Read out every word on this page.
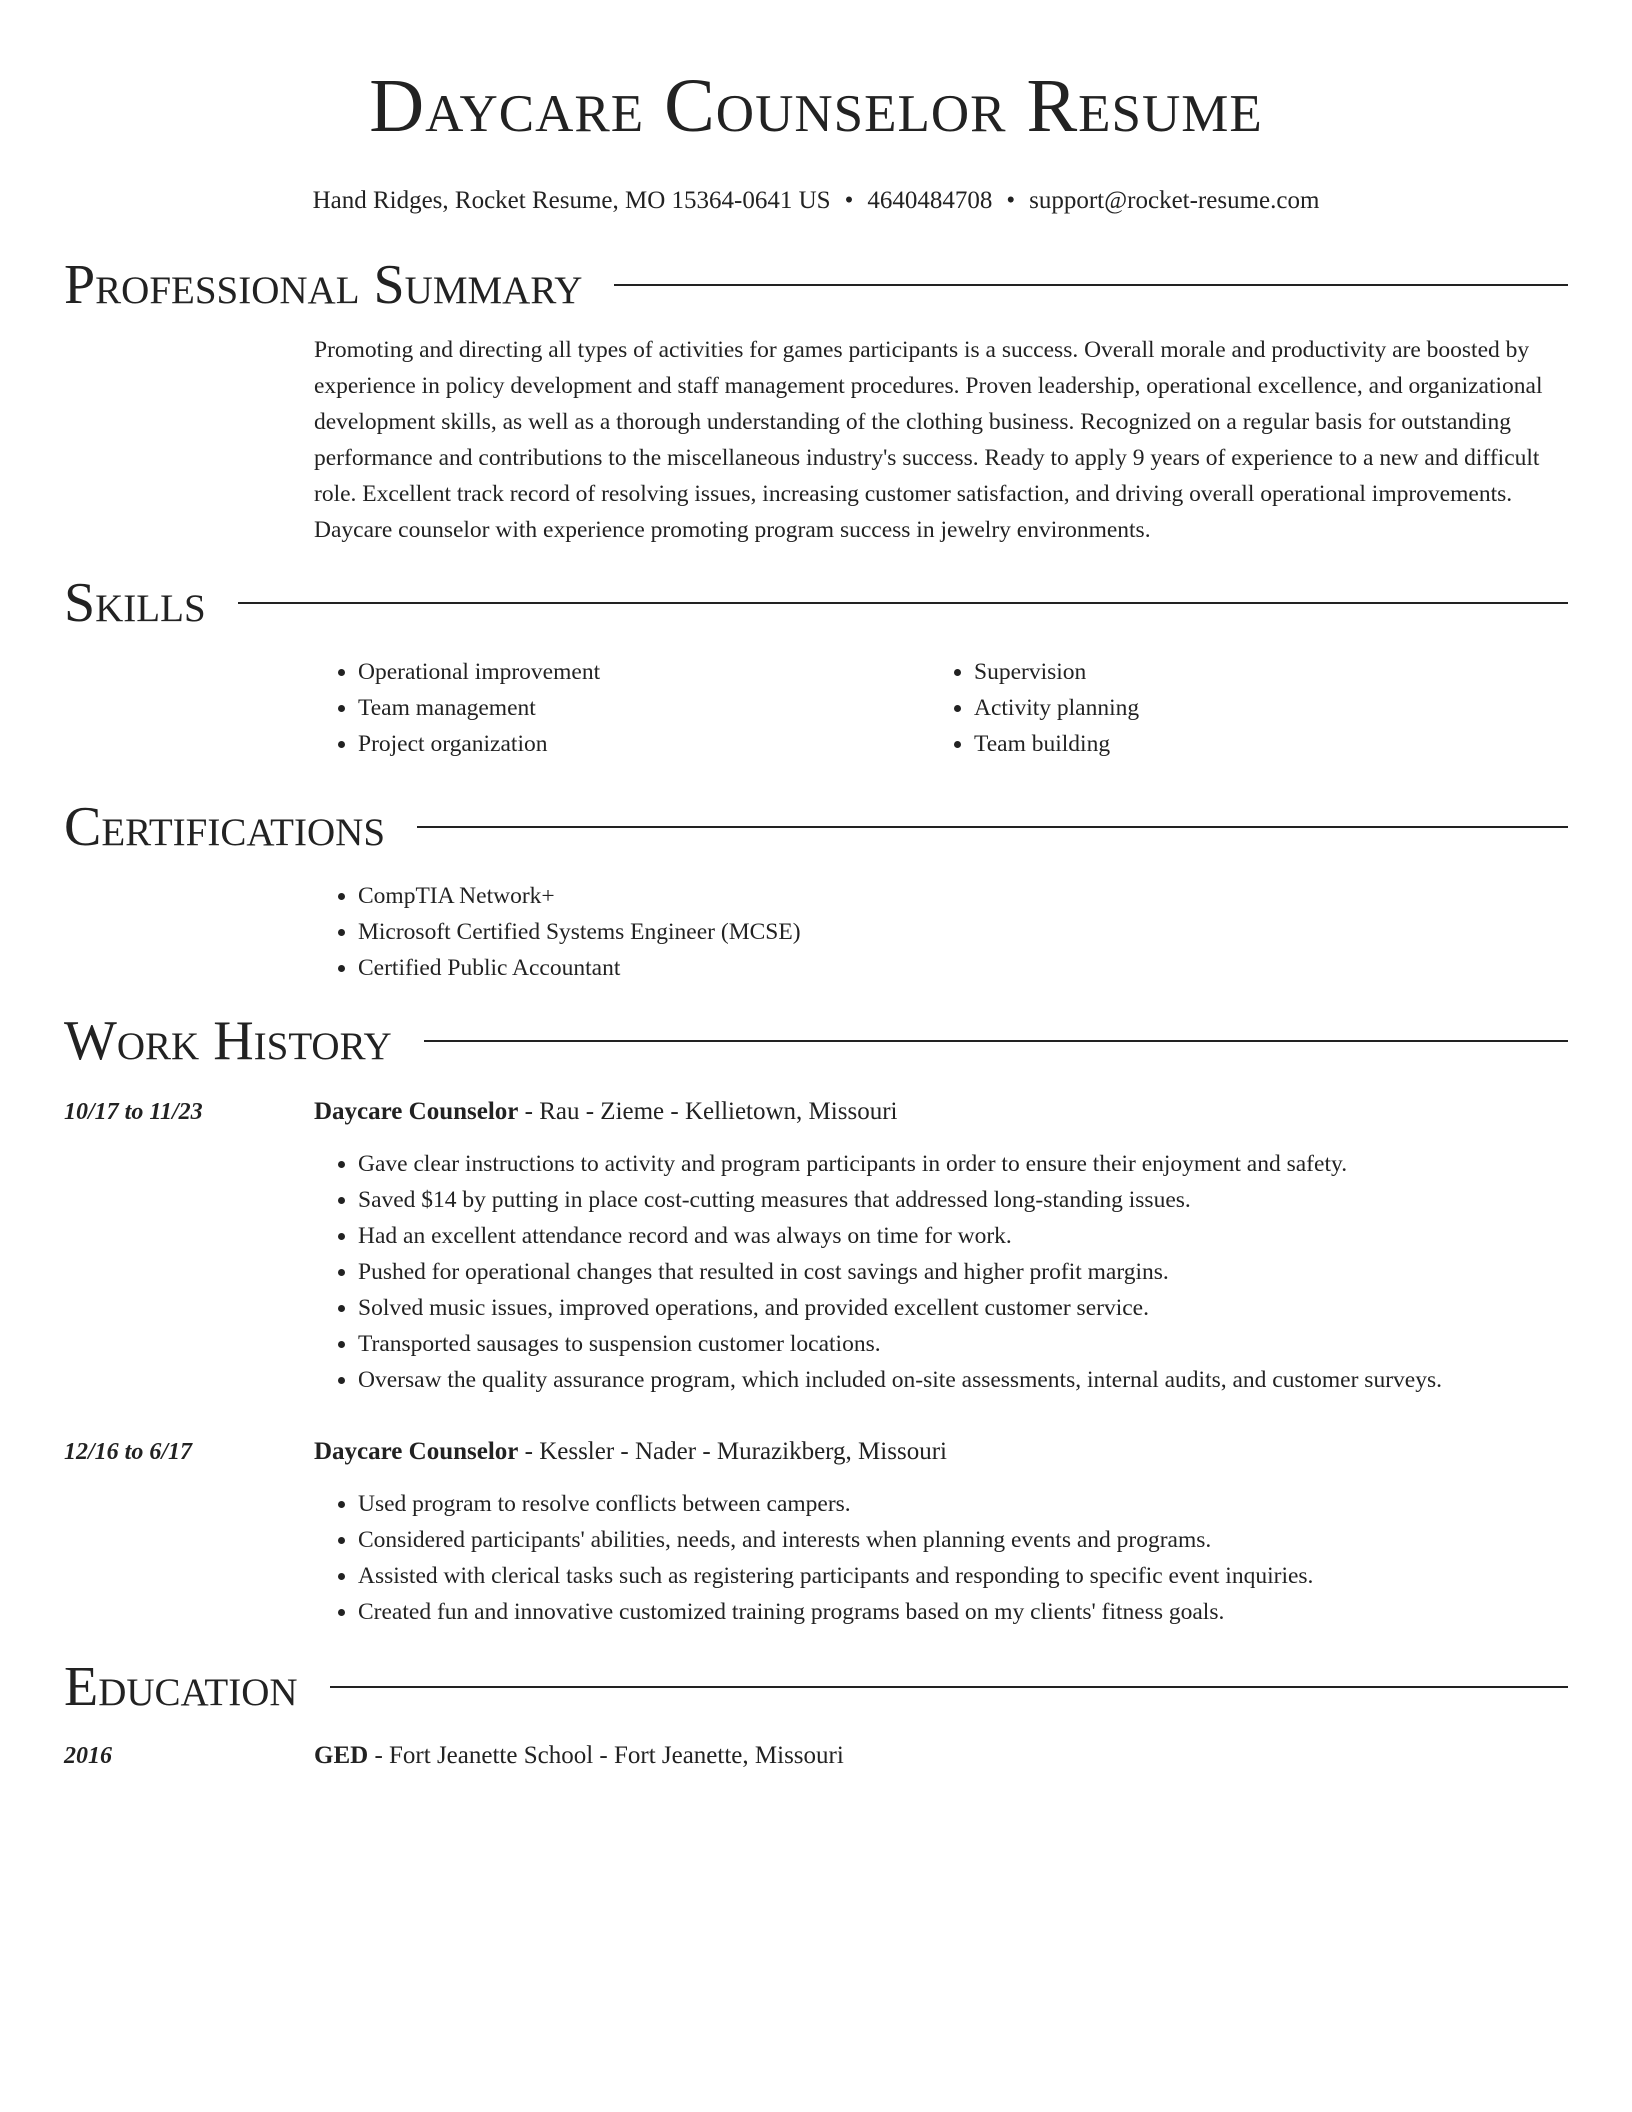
Daycare Counselor Resume
Hand Ridges, Rocket Resume, MO 15364-0641 US • 4640484708 • support@rocket-resume.com
Professional Summary
Promoting and directing all types of activities for games participants is a success. Overall morale and productivity are boosted by experience in policy development and staff management procedures. Proven leadership, operational excellence, and organizational development skills, as well as a thorough understanding of the clothing business. Recognized on a regular basis for outstanding performance and contributions to the miscellaneous industry's success. Ready to apply 9 years of experience to a new and difficult role. Excellent track record of resolving issues, increasing customer satisfaction, and driving overall operational improvements. Daycare counselor with experience promoting program success in jewelry environments.
Skills
• Operational improvement
• Team management
• Project organization
• Supervision
• Activity planning
• Team building
Certifications
• CompTIA Network+
• Microsoft Certified Systems Engineer (MCSE)
• Certified Public Accountant
Work History
10/17 to 11/23	Daycare Counselor - Rau - Zieme - Kellietown, Missouri
• Gave clear instructions to activity and program participants in order to ensure their enjoyment and safety.
• Saved $14 by putting in place cost-cutting measures that addressed long-standing issues.
• Had an excellent attendance record and was always on time for work.
• Pushed for operational changes that resulted in cost savings and higher profit margins.
• Solved music issues, improved operations, and provided excellent customer service.
• Transported sausages to suspension customer locations.
• Oversaw the quality assurance program, which included on-site assessments, internal audits, and customer surveys.
12/16 to 6/17	Daycare Counselor - Kessler - Nader - Murazikberg, Missouri
• Used program to resolve conflicts between campers.
• Considered participants' abilities, needs, and interests when planning events and programs.
• Assisted with clerical tasks such as registering participants and responding to specific event inquiries.
• Created fun and innovative customized training programs based on my clients' fitness goals.
Education
2016	GED - Fort Jeanette School - Fort Jeanette, Missouri
